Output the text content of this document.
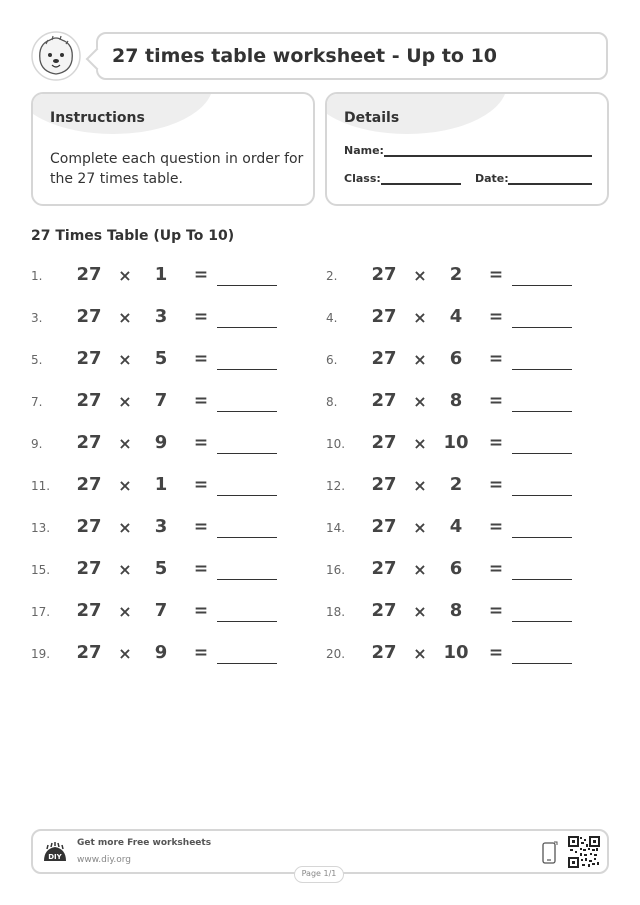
27 times table worksheet - Up to 10
Instructions
Complete each question in order for the 27 times table.
Details
Name:
Class:	Date:
27 Times Table (Up To 10)
1. 27 ×	1	=	2. 27 ×	2	=
3. 27 ×	3	=	4. 27 ×	4	=
5. 27 ×	5	=	6. 27 ×	6	=
7. 27 ×	7	=	8. 27 ×	8	=
9. 27 ×	9	=	10. 27 × 10 =
11. 27 ×	1	=	12. 27 ×	2	=
13. 27 ×	3	=	14. 27 ×	4	=
15. 27 ×	5	=	16. 27 ×	6	=
17. 27 ×	7	=	18. 27 ×	8	=
19. 27 ×	9	=	20. 27 × 10 =
DIY
Get more Free worksheets
www.diy.org
Page 1/1
